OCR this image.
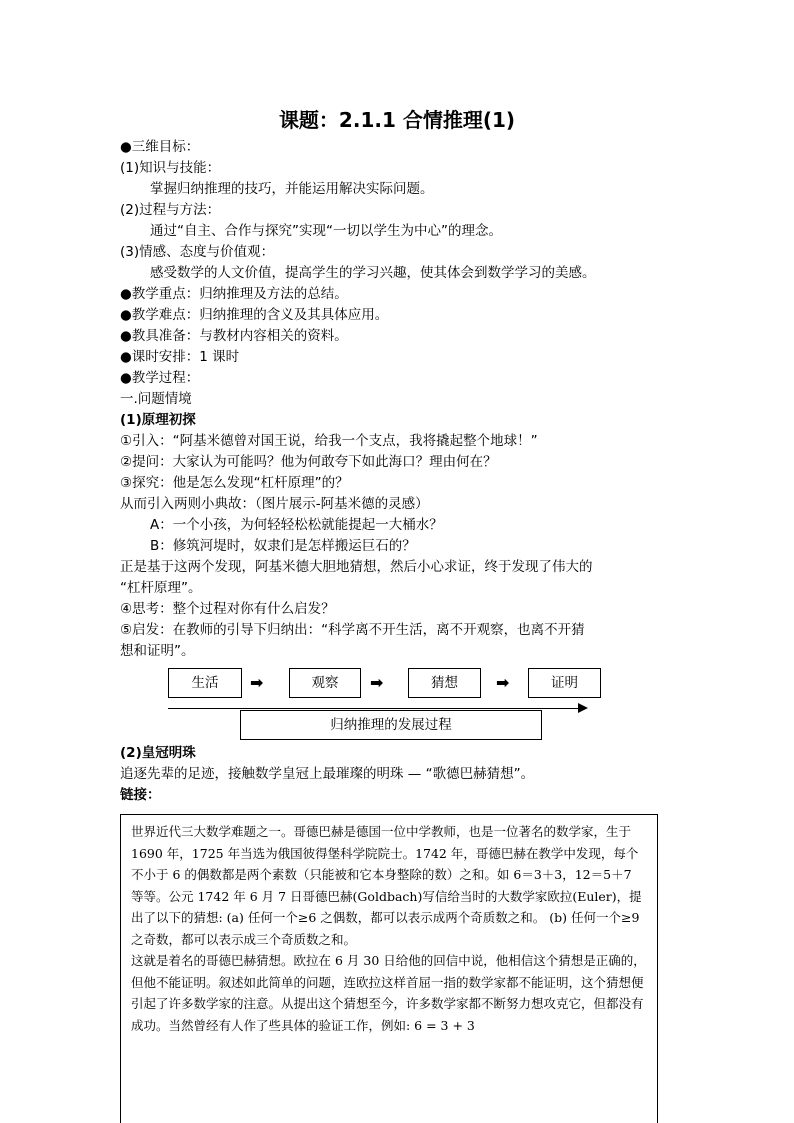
课题：2.1.1 合情推理(1)
●三维目标：
(1)知识与技能：
掌握归纳推理的技巧，并能运用解决实际问题。
(2)过程与方法：
通过“自主、合作与探究”实现“一切以学生为中心”的理念。
(3)情感、态度与价值观：
感受数学的人文价值，提高学生的学习兴趣，使其体会到数学学习的美感。
●教学重点：归纳推理及方法的总结。
●教学难点：归纳推理的含义及其具体应用。
●教具准备：与教材内容相关的资料。
●课时安排：1 课时
●教学过程：
一.问题情境
(1)原理初探
①引入：“阿基米德曾对国王说，给我一个支点，我将撬起整个地球！”
②提问：大家认为可能吗？他为何敢夸下如此海口？理由何在？
③探究：他是怎么发现“杠杆原理”的？
从而引入两则小典故：（图片展示-阿基米德的灵感）
A：一个小孩，为何轻轻松松就能提起一大桶水？
B：修筑河堤时，奴隶们是怎样搬运巨石的？
正是基于这两个发现，阿基米德大胆地猜想，然后小心求证，终于发现了伟大的
“杠杆原理”。
④思考：整个过程对你有什么启发？
⑤启发：在教师的引导下归纳出：“科学离不开生活，离不开观察，也离不开猜
想和证明”。
生活	➡	观察	➡	猜想	➡	证明
归纳推理的发展过程
(2)皇冠明珠
追逐先辈的足迹，接触数学皇冠上最璀璨的明珠 — “歌德巴赫猜想”。
链接：

世界近代三大数学难题之一。哥德巴赫是德国一位中学教师，也是一位著名的数学家，生于 1690 年，1725 年当选为俄国彼得堡科学院院士。1742 年，哥德巴赫在教学中发现，每个不小于 6 的偶数都是两个素数（只能被和它本身整除的数）之和。如 6＝3＋3，12＝5＋7 等等。公元 1742 年 6 月 7 日哥德巴赫(Goldbach)写信给当时的大数学家欧拉(Euler)，提出了以下的猜想: (a) 任何一个≥6 之偶数，都可以表示成两个奇质数之和。 (b) 任何一个≥9 之奇数，都可以表示成三个奇质数之和。

这就是着名的哥德巴赫猜想。欧拉在 6 月 30 日给他的回信中说，他相信这个猜想是正确的，但他不能证明。叙述如此简单的问题，连欧拉这样首屈一指的数学家都不能证明，这个猜想便引起了许多数学家的注意。从提出这个猜想至今，许多数学家都不断努力想攻克它，但都没有成功。当然曾经有人作了些具体的验证工作，例如: 6 = 3 + 3
